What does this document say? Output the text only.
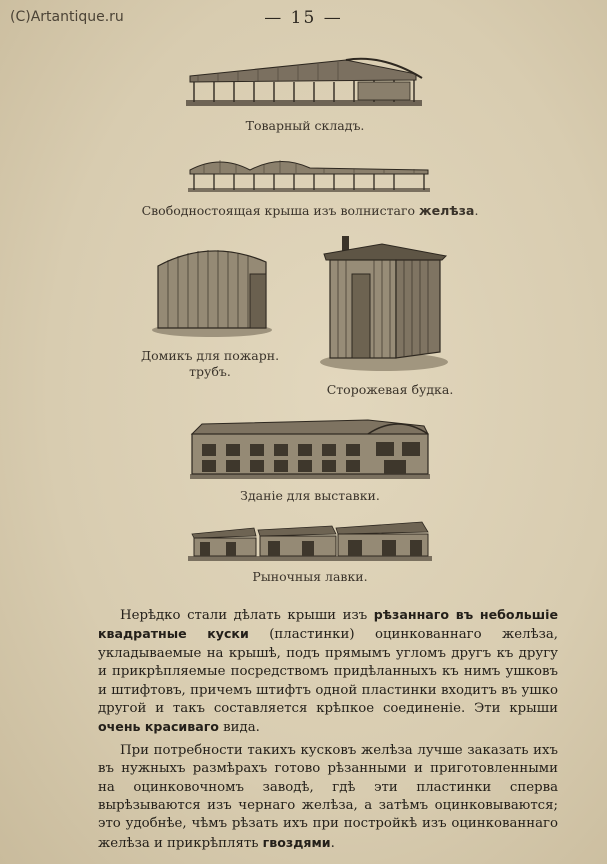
(C)Artantique.ru	— 15 —
Товарный складъ.
Свободностоящая крыша изъ волнистаго желѣза.
Домикъ для пожарн.
трубъ.
Сторожевая будка.
Зданіе для выставки.
Рыночныя лавки.

Нерѣдко стали дѣлать крыши изъ рѣзаннаго въ небольшіе квадратные куски (пластинки) оцинкованнаго желѣза, укладываемые на крышѣ, подъ прямымъ угломъ другъ къ другу и прикрѣпляемые посредствомъ придѣланныхъ къ нимъ ушковъ и штифтовъ, причемъ штифтъ одной пластинки входитъ въ ушко другой и такъ составляется крѣпкое соединеніе. Эти крыши очень красиваго вида.

При потребности такихъ кусковъ желѣза лучше заказать ихъ въ нужныхъ размѣрахъ готово рѣзанными и приготовленными на оцинковочномъ заводѣ, гдѣ эти пластинки сперва вырѣзываются изъ чернаго желѣза, а затѣмъ оцинковываются; это удобнѣе, чѣмъ рѣзать ихъ при постройкѣ изъ оцинкованнаго желѣза и прикрѣплять гвоздями.
